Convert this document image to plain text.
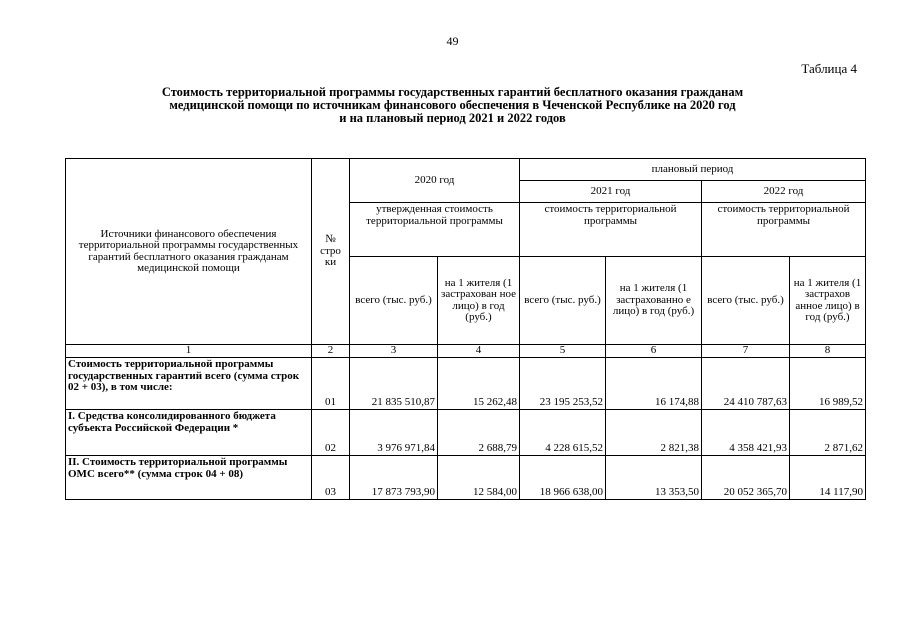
49
Таблица 4
Стоимость территориальной программы государственных гарантий бесплатного оказания гражданам
медицинской помощи по источникам финансового обеспечения в Чеченской Республике на 2020 год
и на плановый период 2021 и 2022 годов
Источники финансового обеспечения территориальной программы государственных гарантий бесплатного оказания гражданам медицинской помощи	№ стро ки	2020 год		плановый период			
				2021 год		2022 год	
		утвержденная стоимость территориальной программы		стоимость территориальной программы		стоимость территориальной программы	
		всего (тыс. руб.)	на 1 жителя (1 застрахован ное лицо) в год (руб.)	всего (тыс. руб.)	на 1 жителя (1 застрахованно е лицо) в год (руб.)	всего (тыс. руб.)	на 1 жителя (1 застрахов анное лицо) в год (руб.)
1	2	3	4	5	6	7	8
Стоимость территориальной программы государственных гарантий всего (сумма строк 02 + 03), в том числе:	01	21 835 510,87	15 262,48	23 195 253,52	16 174,88	24 410 787,63	16 989,52
I. Средства консолидированного бюджета субъекта Российской Федерации *	02	3 976 971,84	2 688,79	4 228 615,52	2 821,38	4 358 421,93	2 871,62
II. Стоимость территориальной программы ОМС всего** (сумма строк 04 + 08)	03	17 873 793,90	12 584,00	18 966 638,00	13 353,50	20 052 365,70	14 117,90
